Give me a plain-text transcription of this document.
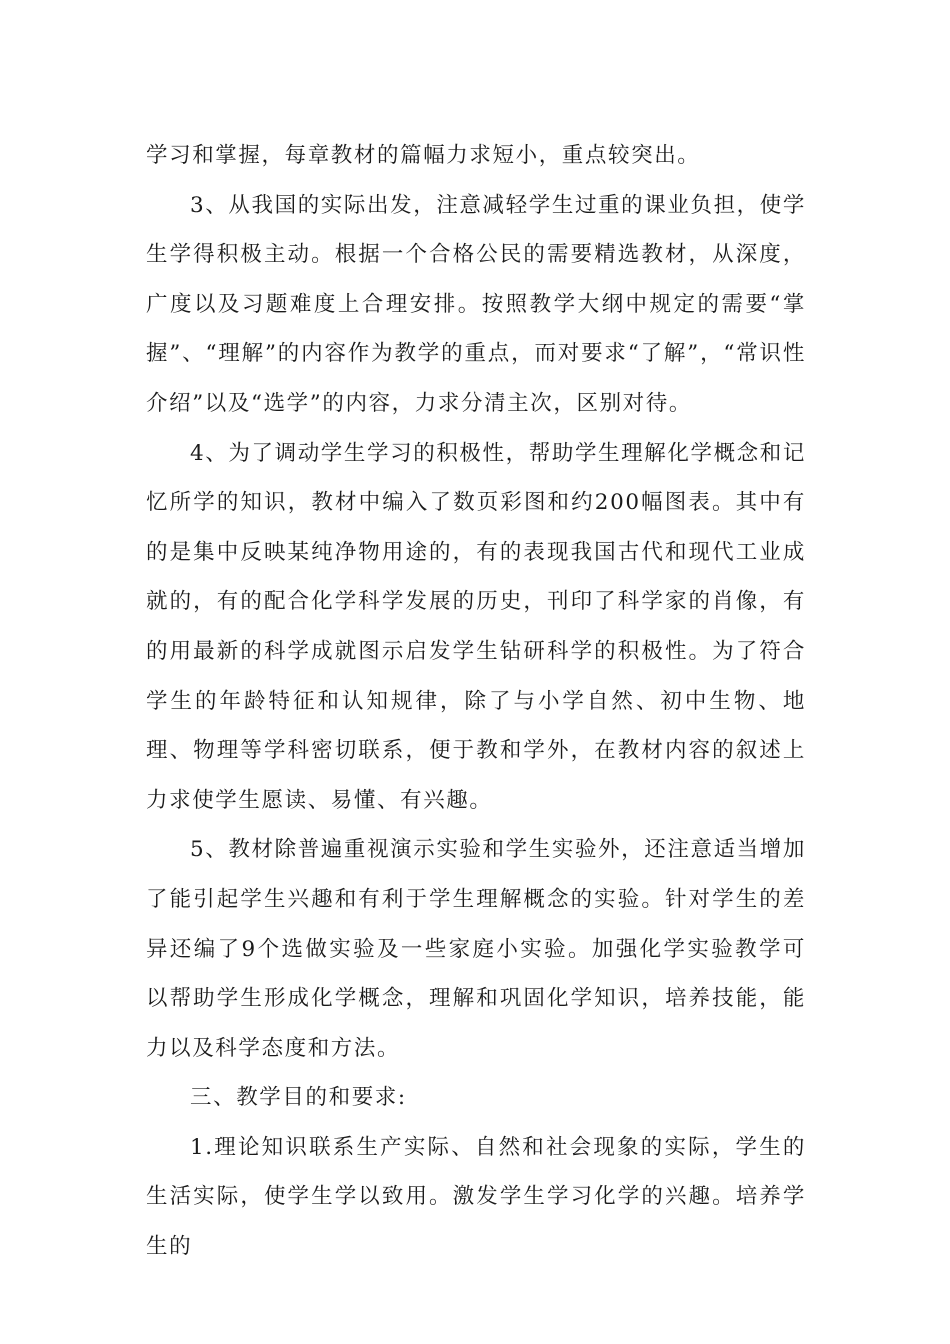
学习和掌握，每章教材的篇幅力求短小，重点较突出。

3、从我国的实际出发，注意减轻学生过重的课业负担，使学生学得积极主动。根据一个合格公民的需要精选教材，从深度，广度以及习题难度上合理安排。按照教学大纲中规定的需要“掌握”、“理解”的内容作为教学的重点，而对要求“了解”，“常识性介绍”以及“选学”的内容，力求分清主次，区别对待。

4、为了调动学生学习的积极性，帮助学生理解化学概念和记忆所学的知识，教材中编入了数页彩图和约200幅图表。其中有的是集中反映某纯净物用途的，有的表现我国古代和现代工业成就的，有的配合化学科学发展的历史，刊印了科学家的肖像，有的用最新的科学成就图示启发学生钻研科学的积极性。为了符合学生的年龄特征和认知规律，除了与小学自然、初中生物、地理、物理等学科密切联系，便于教和学外，在教材内容的叙述上力求使学生愿读、易懂、有兴趣。

5、教材除普遍重视演示实验和学生实验外，还注意适当增加了能引起学生兴趣和有利于学生理解概念的实验。针对学生的差异还编了9个选做实验及一些家庭小实验。加强化学实验教学可以帮助学生形成化学概念，理解和巩固化学知识，培养技能，能力以及科学态度和方法。

三、教学目的和要求:

1.理论知识联系生产实际、自然和社会现象的实际，学生的生活实际，使学生学以致用。激发学生学习化学的兴趣。培养学生的
